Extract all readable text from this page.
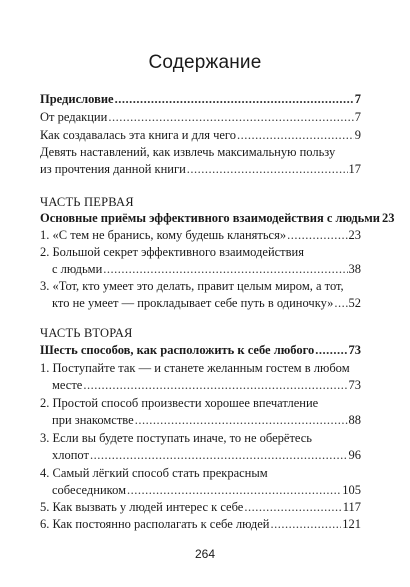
Содержание
Предисловие .....	7
От редакции .....	7
Как создавалась эта книга и для чего .....	9
Девять наставлений, как извлечь максимальную пользу
из прочтения данной книги .....	17
ЧАСТЬ ПЕРВАЯ
Основные приёмы эффективного взаимодействия с людьми 23
1. «С тем не бранись, кому будешь кланяться» .....	23
2. Большой секрет эффективного взаимодействия
с людьми .....	38
3. «Тот, кто умеет это делать, правит целым миром, а тот,
кто не умеет — прокладывает себе путь в одиночку» ..... 52
ЧАСТЬ ВТОРАЯ
Шесть способов, как расположить к себе любого .....	73
1. Поступайте так — и станете желанным гостем в любом
месте .....	73
2. Простой способ произвести хорошее впечатление
при знакомстве .....	88
3. Если вы будете поступать иначе, то не оберётесь
хлопот .....	96
4. Самый лёгкий способ стать прекрасным
собеседником .....	105
5. Как вызвать у людей интерес к себе .....	117
6. Как постоянно располагать к себе людей .....	121
264
